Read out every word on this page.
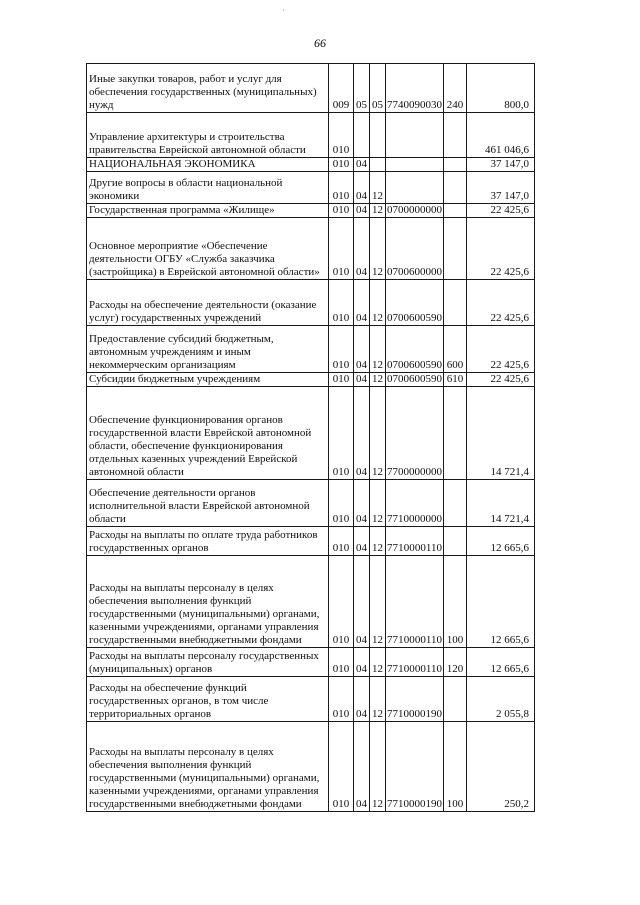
·
66
Иные закупки товаров, работ и услуг для обеспечения государственных (муниципальных) нужд	009	05	05	77 4 00 90030	240	800,0
Управление архитектуры и строительства правительства Еврейской автономной области	010					461 046,6
НАЦИОНАЛЬНАЯ ЭКОНОМИКА	010	04				37 147,0
Другие вопросы в области национальной экономики	010	04	12			37 147,0
Государственная программа «Жилище»	010	04	12	07 0 00 00000		22 425,6
Основное мероприятие «Обеспечение деятельности ОГБУ «Служба заказчика (застройщика) в Еврейской автономной области»	010	04	12	07 0 06 00000		22 425,6
Расходы на обеспечение деятельности (оказание услуг) государственных учреждений	010	04	12	07 0 06 00590		22 425,6
Предоставление субсидий бюджетным, автономным учреждениям и иным некоммерческим организациям	010	04	12	07 0 06 00590	600	22 425,6
Субсидии бюджетным учреждениям	010	04	12	07 0 06 00590	610	22 425,6
Обеспечение функционирования органов государственной власти Еврейской автономной области, обеспечение функционирования отдельных казенных учреждений Еврейской автономной области	010	04	12	77 0 00 00000		14 721,4
Обеспечение деятельности органов исполнительной власти Еврейской автономной области	010	04	12	77 1 00 00000		14 721,4
Расходы на выплаты по оплате труда работников государственных органов	010	04	12	77 1 00 00110		12 665,6
Расходы на выплаты персоналу в целях обеспечения выполнения функций государственными (муниципальными) органами, казенными учреждениями, органами управления государственными внебюджетными фондами	010	04	12	77 1 00 00110	100	12 665,6
Расходы на выплаты персоналу государственных (муниципальных) органов	010	04	12	77 1 00 00110	120	12 665,6
Расходы на обеспечение функций государственных органов, в том числе территориальных органов	010	04	12	77 1 00 00190		2 055,8
Расходы на выплаты персоналу в целях обеспечения выполнения функций государственными (муниципальными) органами, казенными учреждениями, органами управления государственными внебюджетными фондами	010	04	12	77 1 00 00190	100	250,2
